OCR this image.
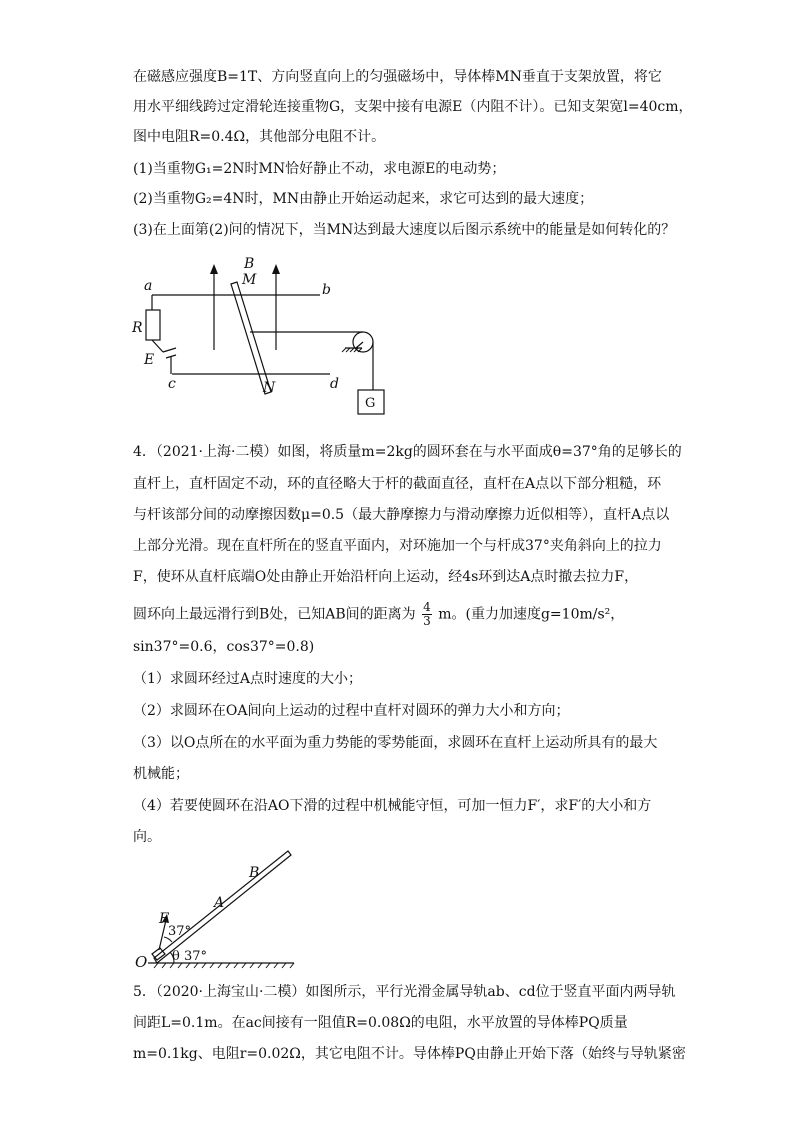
在磁感应强度B=1T、方向竖直向上的匀强磁场中，导体棒MN垂直于支架放置，将它
用水平细线跨过定滑轮连接重物G，支架中接有电源E（内阻不计）。已知支架宽l=40cm，
图中电阻R=0.4Ω，其他部分电阻不计。
(1)当重物G₁=2N时MN恰好静止不动，求电源E的电动势；
(2)当重物G₂=4N时，MN由静止开始运动起来，求它可达到的最大速度；
(3)在上面第(2)问的情况下，当MN达到最大速度以后图示系统中的能量是如何转化的？
a	b
c	d
R
E
B
M
N
G
4．（2021·上海·二模）如图，将质量m=2kg的圆环套在与水平面成θ=37°角的足够长的
直杆上，直杆固定不动，环的直径略大于杆的截面直径，直杆在A点以下部分粗糙，环
与杆该部分间的动摩擦因数μ=0.5（最大静摩擦力与滑动摩擦力近似相等），直杆A点以
上部分光滑。现在直杆所在的竖直平面内，对环施加一个与杆成37°夹角斜向上的拉力
F，使环从直杆底端O处由静止开始沿杆向上运动，经4s环到达A点时撤去拉力F，
圆环向上最远滑行到B处，已知AB间的距离为 $\frac{4}{3}$ m。(重力加速度g=10m/s²，
sin37°=0.6，cos37°=0.8)
（1）求圆环经过A点时速度的大小；
（2）求圆环在OA间向上运动的过程中直杆对圆环的弹力大小和方向；
（3）以O点所在的水平面为重力势能的零势能面，求圆环在直杆上运动所具有的最大
机械能；
（4）若要使圆环在沿AO下滑的过程中机械能守恒，可加一恒力F′，求F′的大小和方
向。
O
F
37°
θ 37°
A
B
5．（2020·上海宝山·二模）如图所示，平行光滑金属导轨ab、cd位于竖直平面内两导轨
间距L=0.1m。在ac间接有一阻值R=0.08Ω的电阻，水平放置的导体棒PQ质量
m=0.1kg、电阻r=0.02Ω，其它电阻不计。导体棒PQ由静止开始下落（始终与导轨紧密
